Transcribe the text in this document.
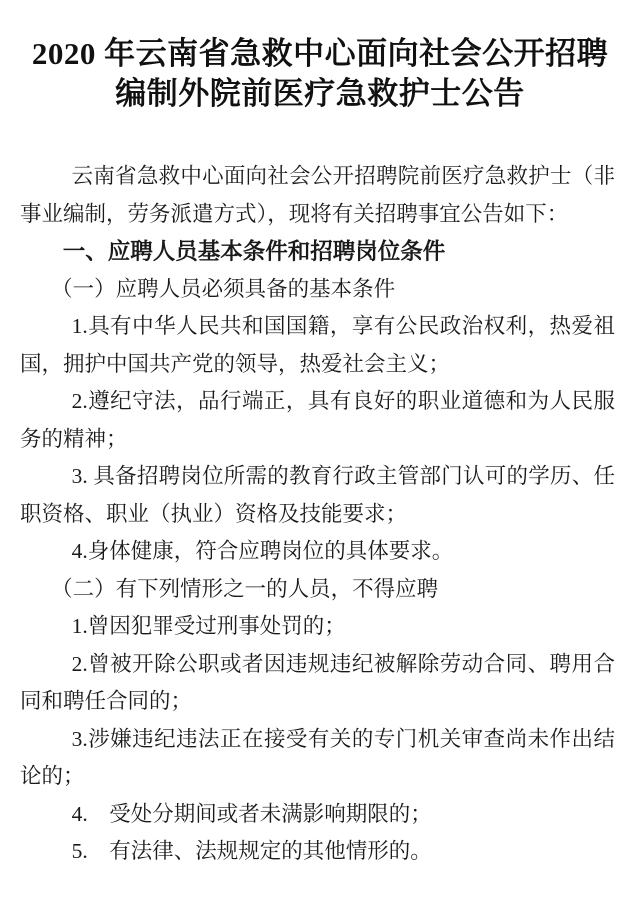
2020 年云南省急救中心面向社会公开招聘
编制外院前医疗急救护士公告

云南省急救中心面向社会公开招聘院前医疗急救护士（非事业编制，劳务派遣方式），现将有关招聘事宜公告如下：

一、应聘人员基本条件和招聘岗位条件

（一）应聘人员必须具备的基本条件

1.具有中华人民共和国国籍，享有公民政治权利，热爱祖国，拥护中国共产党的领导，热爱社会主义；

2.遵纪守法，品行端正，具有良好的职业道德和为人民服务的精神；

3. 具备招聘岗位所需的教育行政主管部门认可的学历、任职资格、职业（执业）资格及技能要求；

4.身体健康，符合应聘岗位的具体要求。

（二）有下列情形之一的人员，不得应聘

1.曾因犯罪受过刑事处罚的；

2.曾被开除公职或者因违规违纪被解除劳动合同、聘用合同和聘任合同的；

3.涉嫌违纪违法正在接受有关的专门机关审查尚未作出结论的；

4.　受处分期间或者未满影响期限的；

5.　有法律、法规规定的其他情形的。
